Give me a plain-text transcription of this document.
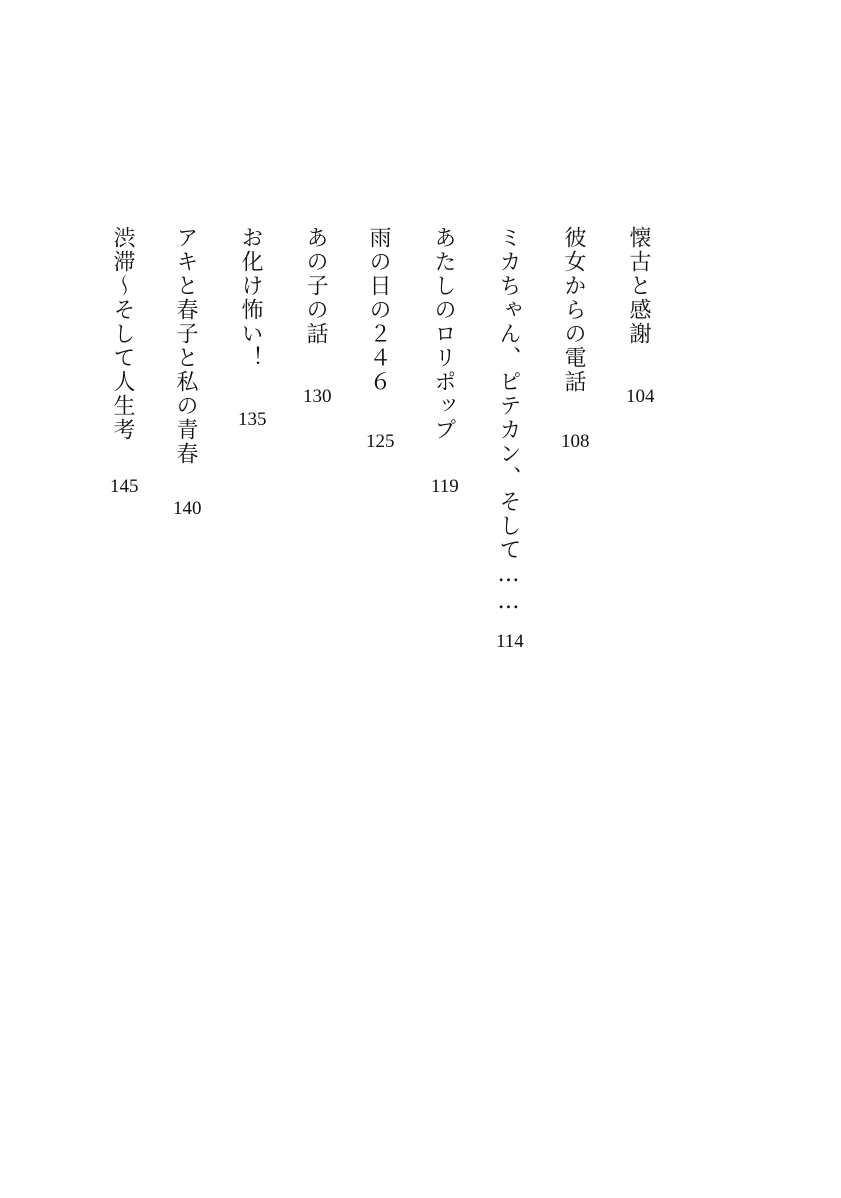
懐古と感謝
104
彼女からの電話
108
ミカちゃん、ピテカン、そして……
114
あたしのロリポップ
119
雨の日の２４６
125
あの子の話
130
お化け怖い！
135
アキと春子と私の青春
140
渋滞〜そして人生考
145
